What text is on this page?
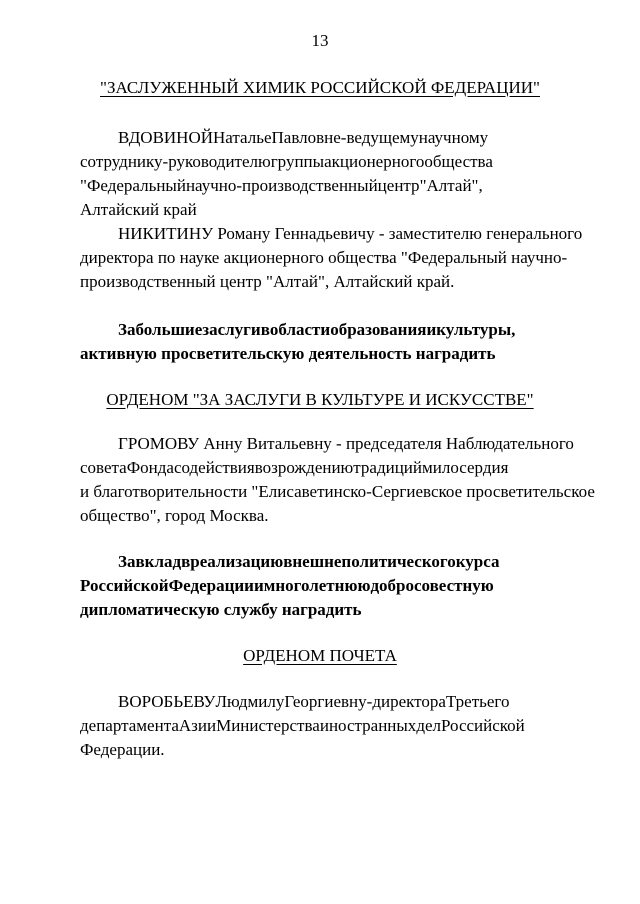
13
"ЗАСЛУЖЕННЫЙ ХИМИК РОССИЙСКОЙ ФЕДЕРАЦИИ"
ВДОВИНОЙНатальеПавловне-ведущемунаучному
сотруднику-руководителюгруппыакционерногообщества
"Федеральныйнаучно-производственныйцентр"Алтай",
Алтайский край
НИКИТИНУ Роману Геннадьевичу - заместителю генерального
директора по науке акционерного общества "Федеральный научно-
производственный центр "Алтай", Алтайский край.
Забольшиезаслугивобластиобразованияикультуры,
активную просветительскую деятельность наградить
ОРДЕНОМ "ЗА ЗАСЛУГИ В КУЛЬТУРЕ И ИСКУССТВЕ"
ГРОМОВУ Анну Витальевну - председателя Наблюдательного
советаФондасодействиявозрождениютрадициймилосердия
и благотворительности "Елисаветинско-Сергиевское просветительское
общество", город Москва.
Завкладвреализациювнешнеполитическогокурса
РоссийскойФедерацииимноголетнююдобросовестную
дипломатическую службу наградить
ОРДЕНОМ ПОЧЕТА
ВОРОБЬЕВУЛюдмилуГеоргиевну-директораТретьего
департаментаАзииМинистерстваиностранныхделРоссийской
Федерации.
